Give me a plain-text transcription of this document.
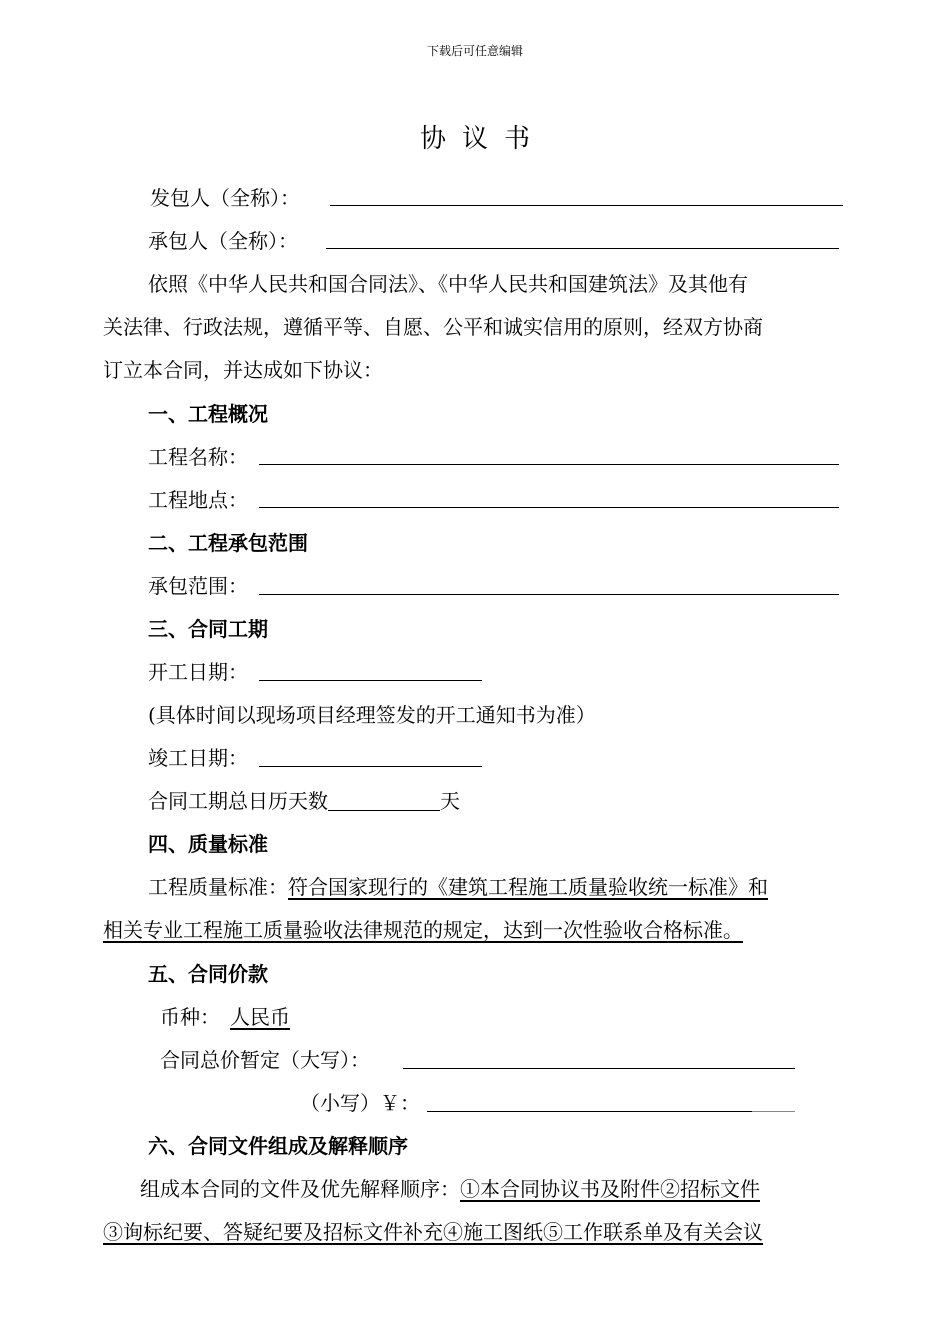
下载后可任意编辑
协议书
发包人（全称）：
承包人（全称）：
依照《中华人民共和国合同法》、《中华人民共和国建筑法》及其他有
关法律、行政法规，遵循平等、自愿、公平和诚实信用的原则，经双方协商
订立本合同，并达成如下协议：
一、工程概况
工程名称：
工程地点：
二、工程承包范围
承包范围：
三、合同工期
开工日期：
(具体时间以现场项目经理签发的开工通知书为准）
竣工日期：
合同工期总日历天数	天
四、质量标准
工程质量标准：符合国家现行的《建筑工程施工质量验收统一标准》和
相关专业工程施工质量验收法律规范的规定，达到一次性验收合格标准。
五、合同价款
币种： 人民币
合同总价暂定（大写）：
（小写）￥：
六、合同文件组成及解释顺序
组成本合同的文件及优先解释顺序：①本合同协议书及附件②招标文件
③询标纪要、答疑纪要及招标文件补充④施工图纸⑤工作联系单及有关会议
